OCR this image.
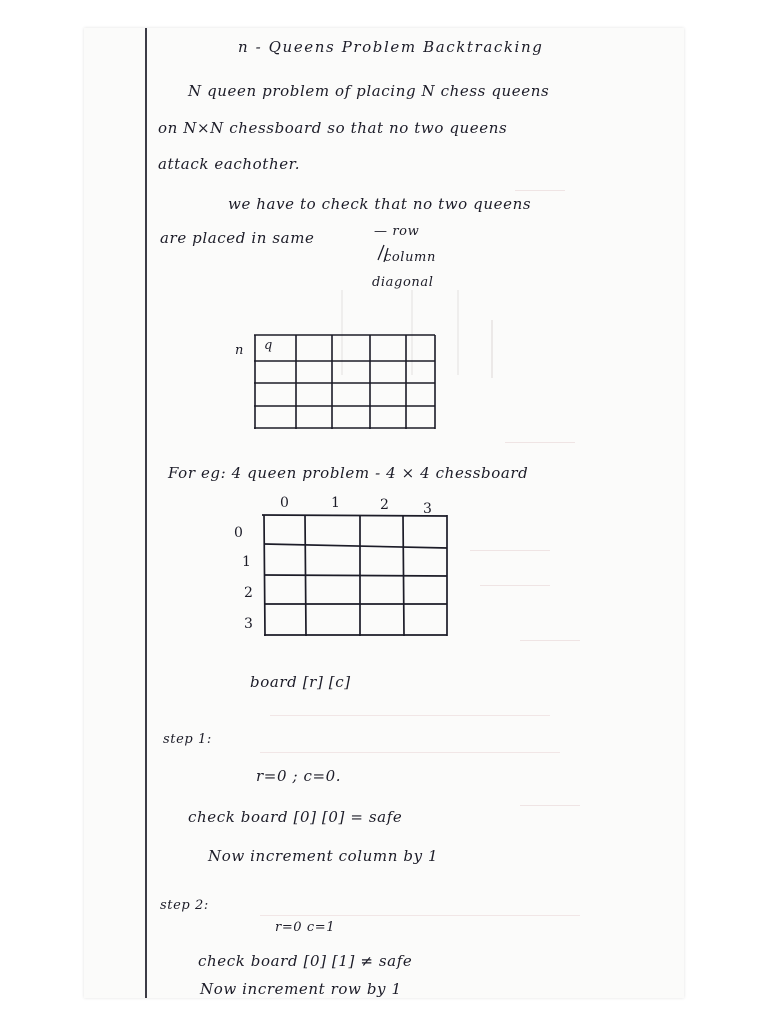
n - Queens Problem Backtracking

N queen problem of placing N chess queens

on N×N chessboard so that no two queens

attack eachother.

we have to check that no two queens

are placed in same	— row

column

diagonal

n q

For eg: 4 queen problem - 4 × 4 chessboard

0	1	2 3

0

1

2

3

board [r] [c]

step 1:

r=0 ; c=0.

check board [0] [0] = safe

Now increment column by 1

step 2:

r=0 c=1

check board [0] [1] ≠ safe

Now increment row by 1
